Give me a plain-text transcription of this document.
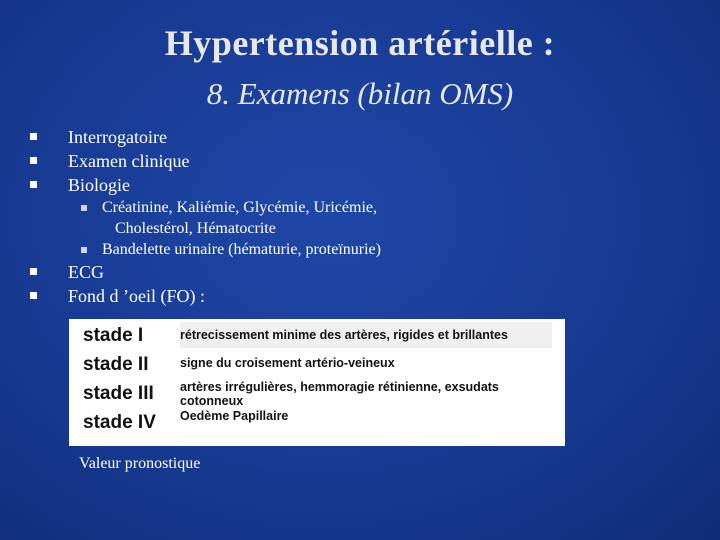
Hypertension artérielle :
8. Examens (bilan OMS)
Interrogatoire
Examen clinique
Biologie
Créatinine, Kaliémie, Glycémie, Uricémie,
Cholestérol, Hématocrite
Bandelette urinaire (hématurie, proteïnurie)
ECG
Fond d ’oeil (FO) :
stade I
stade II
stade III
stade IV
rétrecissement minime des artères, rigides et brillantes
signe du croisement artério-veineux
artères irrégulières, hemmoragie rétinienne, exsudats cotonneux
Oedème Papillaire
Valeur pronostique
